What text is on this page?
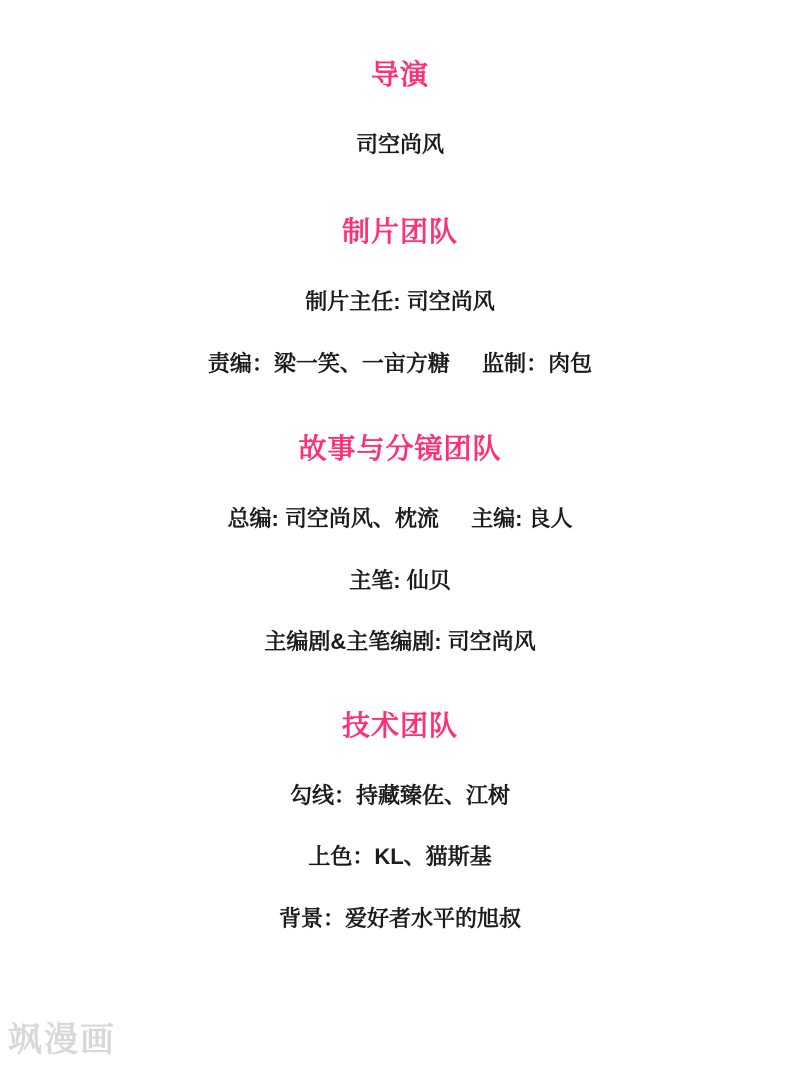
导演
司空尚风
制片团队
制片主任: 司空尚风
责编：梁一笑、一亩方糖 监制：肉包
故事与分镜团队
总编: 司空尚风、枕流 主编: 良人
主笔: 仙贝
主编剧&主笔编剧: 司空尚风
技术团队
勾线：持藏臻佐、江树
上色：KL、猫斯基
背景：爱好者水平的旭叔
飒漫画
